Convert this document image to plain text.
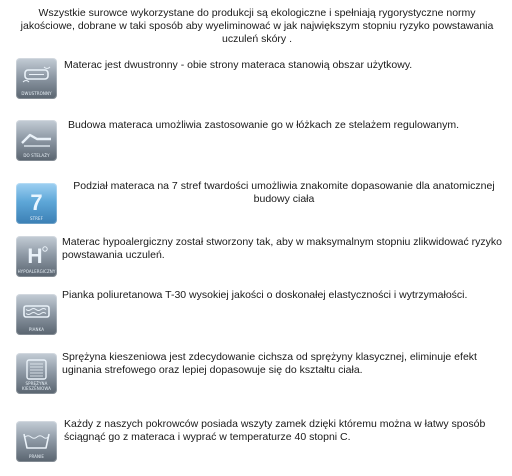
Wszystkie surowce wykorzystane do produkcji są ekologiczne i spełniają rygorystyczne normy jakościowe, dobrane w taki sposób aby wyeliminować w jak największym stopniu ryzyko powstawania uczuleń skóry .
DWUSTRONNY
Materac jest dwustronny - obie strony materaca stanowią obszar użytkowy.
DO STELAŻY
Budowa materaca umożliwia zastosowanie go w łóżkach ze stelażem regulowanym.
7
STREF
Podział materaca na 7 stref twardości umożliwia znakomite dopasowanie dla anatomicznej budowy ciała
H
HYPOALERGICZNY
Materac hypoalergiczny został stworzony tak, aby w maksymalnym stopniu zlikwidować ryzyko powstawania uczuleń.
PIANKA
Pianka poliuretanowa T-30 wysokiej jakości o doskonałej elastyczności i wytrzymałości.
SPRĘŻYNA KIESZENIOWA
Sprężyna kieszeniowa jest zdecydowanie cichsza od sprężyny klasycznej, eliminuje efekt uginania strefowego oraz lepiej dopasowuje się do kształtu ciała.
PRANIE
Każdy z naszych pokrowców posiada wszyty zamek dzięki któremu można w łatwy sposób ściągnąć go z materaca i wyprać w temperaturze 40 stopni C.
